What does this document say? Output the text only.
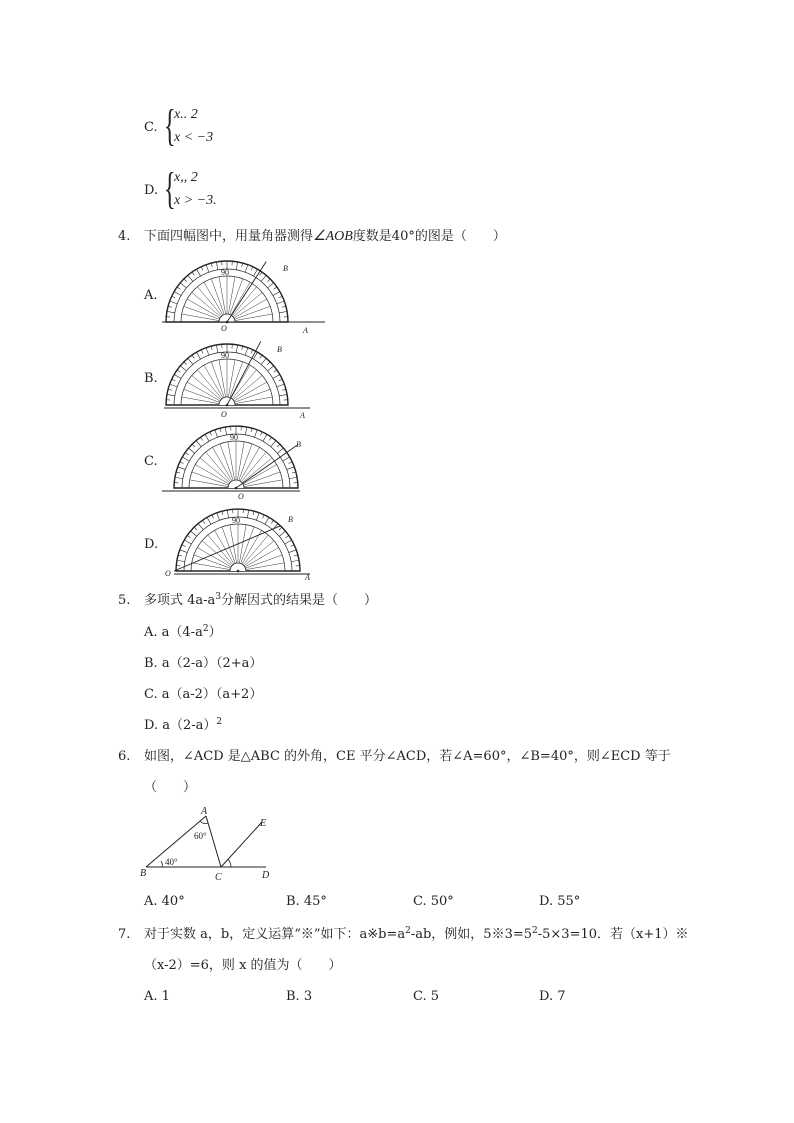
C. {
x.. 2
x < −3
D. {
x,, 2
x > −3.
4. 下面四幅图中，用量角器测得∠AOB度数是40°的图是（　　）
A.
B.
C.
D.
90
O	A
B
90
O	A
B
90
O
B
90
O	A
B
5. 多项式 $4a-a^3$分解因式的结果是（　　）
A. $a(4-a^2)$
B. a（2-a）（2+a）
C. a（a-2）（a+2）
D. $a(2-a)^2$
6. 如图，∠ACD 是△ABC 的外角，CE 平分∠ACD，若∠A=60°，∠B=40°，则∠ECD 等于
（　　）
A
B	C	D
E
60°
40°
A. 40°	B. 45°	C. 50°	D. 55°
7. 对于实数 a，b，定义运算“※”如下：$a※b=a^2-ab$，例如，$5※3=5^2-5\times 3=10$．若（x+1）※
（x-2）=6，则 x 的值为（　　）
A. 1	B. 3	C. 5	D. 7
